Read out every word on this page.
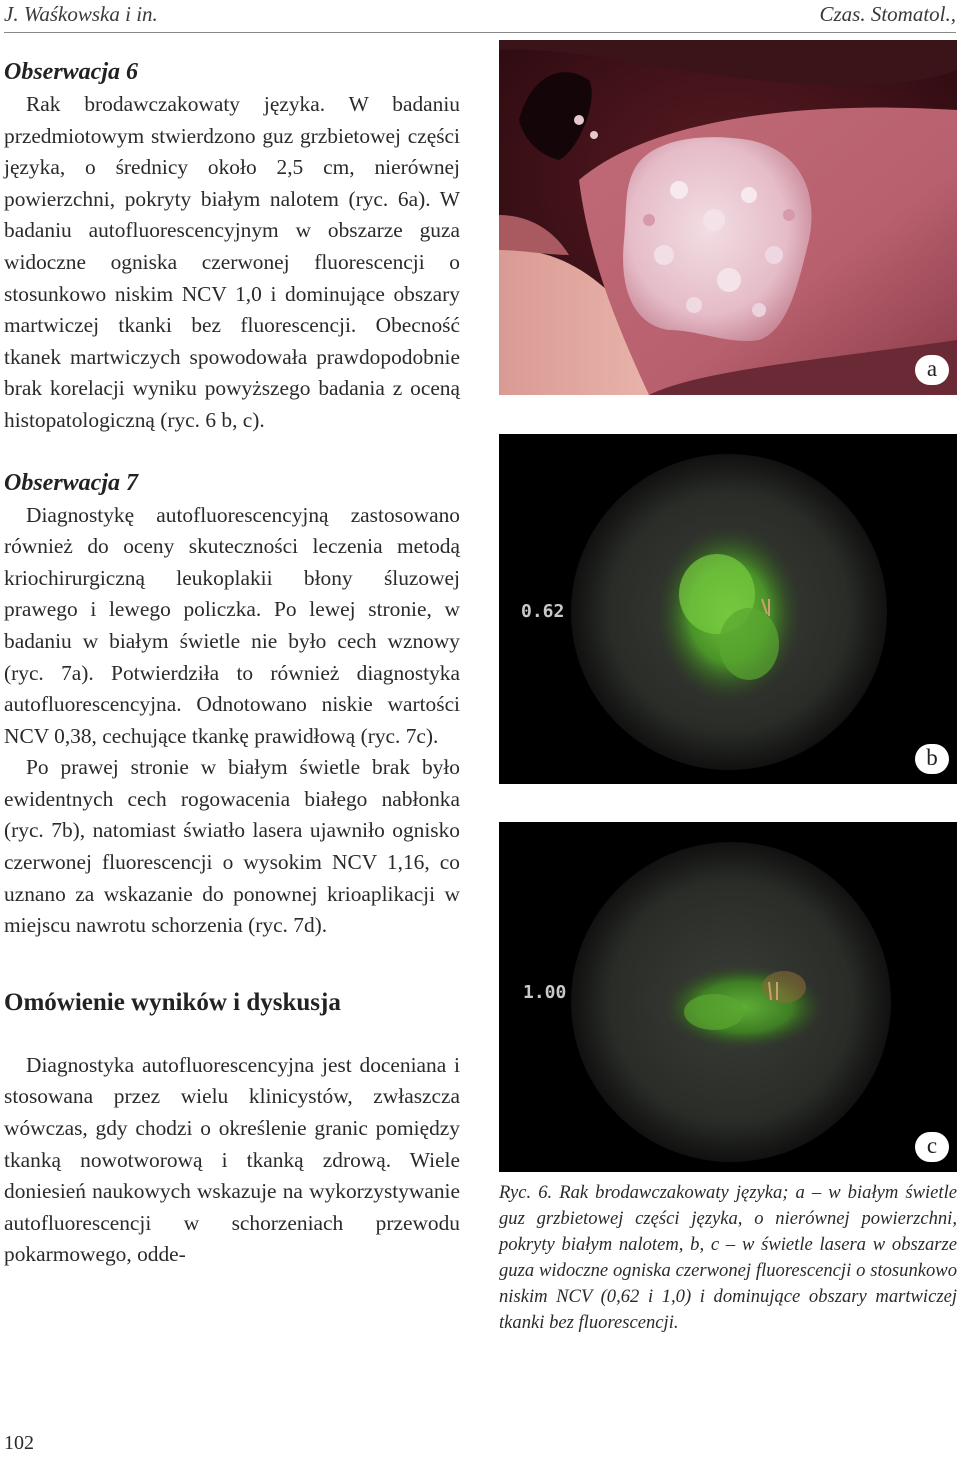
J. Waśkowska i in.	Czas. Stomatol.,
Obserwacja 6

Rak brodawczakowaty języka. W badaniu przedmiotowym stwierdzono guz grzbietowej części języka, o średnicy około 2,5 cm, nierównej powierzchni, pokryty białym nalotem (ryc. 6a). W badaniu autofluorescencyjnym w obszarze guza widoczne ogniska czerwonej fluorescencji o stosunkowo niskim NCV 1,0 i dominujące obszary martwiczej tkanki bez fluorescencji. Obecność tkanek martwiczych spowodowała prawdopodobnie brak korelacji wyniku powyższego badania z oceną histopatologiczną (ryc. 6 b, c).

Obserwacja 7

Diagnostykę autofluorescencyjną zastosowano również do oceny skuteczności leczenia metodą kriochirurgiczną leukoplakii błony śluzowej prawego i lewego policzka. Po lewej stronie, w badaniu w białym świetle nie było cech wznowy (ryc. 7a). Potwierdziła to również diagnostyka autofluorescencyjna. Odnotowano niskie wartości NCV 0,38, cechujące tkankę prawidłową (ryc. 7c).

Po prawej stronie w białym świetle brak było ewidentnych cech rogowacenia białego nabłonka (ryc. 7b), natomiast światło lasera ujawniło ognisko czerwonej fluorescencji o wysokim NCV 1,16, co uznano za wskazanie do ponownej krioaplikacji w miejscu nawrotu schorzenia (ryc. 7d).

Omówienie wyników i dyskusja

Diagnostyka autofluorescencyjna jest doceniana i stosowana przez wielu klinicystów, zwłaszcza wówczas, gdy chodzi o określenie granic pomiędzy tkanką nowotworową i tkanką zdrową. Wiele doniesień naukowych wskazuje na wykorzystywanie autofluorescencji w schorzeniach przewodu pokarmowego, odde-

a
0.62
b
1.00
c
Ryc. 6. Rak brodawczakowaty języka; a – w białym świetle guz grzbietowej części języka, o nierównej powierzchni, pokryty białym nalotem, b, c – w świetle lasera w obszarze guza widoczne ogniska czerwonej fluorescencji o stosunkowo niskim NCV (0,62 i 1,0) i dominujące obszary martwiczej tkanki bez fluorescencji.
102
